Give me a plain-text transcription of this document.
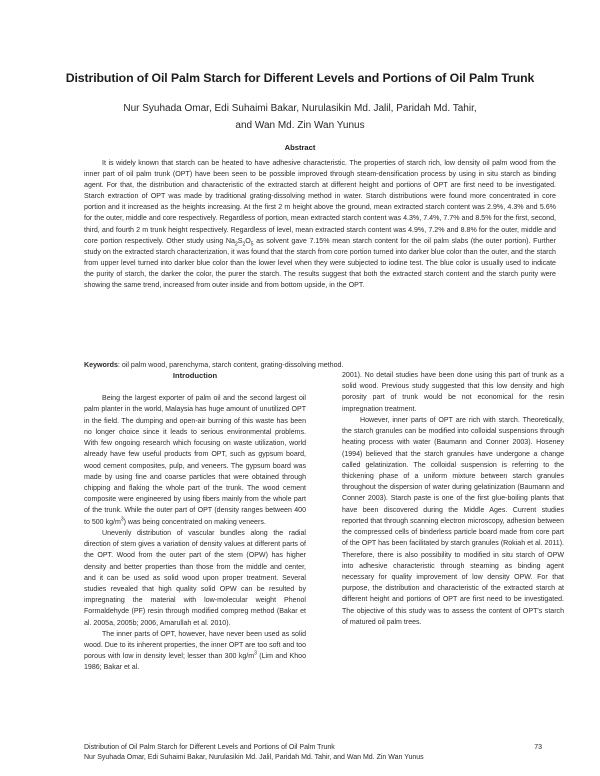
Distribution of Oil Palm Starch for Different Levels and Portions of Oil Palm Trunk
Nur Syuhada Omar, Edi Suhaimi Bakar, Nurulasikin Md. Jalil, Paridah Md. Tahir,
and Wan Md. Zin Wan Yunus
Abstract

It is widely known that starch can be heated to have adhesive characteristic. The properties of starch rich, low density oil palm wood from the inner part of oil palm trunk (OPT) have been seen to be possible improved through steam-densification process by using in situ starch as binding agent. For that, the distribution and characteristic of the extracted starch at different height and portions of OPT are first need to be investigated. Starch extraction of OPT was made by traditional grating-dissolving method in water. Starch distributions were found more concentrated in core portion and it increased as the heights increasing. At the first 2 m height above the ground, mean extracted starch content was 2.9%, 4.3% and 5.6% for the outer, middle and core respectively. Regardless of portion, mean extracted starch content was 4.3%, 7.4%, 7.7% and 8.5% for the first, second, third, and fourth 2 m trunk height respectively. Regardless of level, mean extracted starch content was 4.9%, 7.2% and 8.8% for the outer, middle and core portion respectively. Other study using $Na_2S_2O_5$ as solvent gave 7.15% mean starch content for the oil palm slabs (the outer portion). Further study on the extracted starch characterization, it was found that the starch from core portion turned into darker blue color than the outer, and the starch from upper level turned into darker blue color than the lower level when they were subjected to iodine test. The blue color is usually used to indicate the purity of starch, the darker the color, the purer the starch. The results suggest that both the extracted starch content and the starch purity were showing the same trend, increased from outer inside and from bottom upside, in the OPT.

Keywords: oil palm wood, parenchyma, starch content, grating-dissolving method.

Introduction

Being the largest exporter of palm oil and the second largest oil palm planter in the world, Malaysia has huge amount of unutilized OPT in the field. The dumping and open-air burning of this waste has been no longer choice since it leads to serious environmental problems. With few ongoing research which focusing on waste utilization, world already have few useful products from OPT, such as gypsum board, wood cement composites, pulp, and veneers. The gypsum board was made by using fine and coarse particles that were obtained through chipping and flaking the whole part of the trunk. The wood cement composite were engineered by using fibers mainly from the whole part of the trunk. While the outer part of OPT (density ranges between 400 to 500 $kg/m^3$) was being concentrated on making veneers.

Unevenly distribution of vascular bundles along the radial direction of stem gives a variation of density values at different parts of the OPT. Wood from the outer part of the stem (OPW) has higher density and better properties than those from the middle and center, and it can be used as solid wood upon proper treatment. Several studies revealed that high quality solid OPW can be resulted by impregnating the material with low-molecular weight Phenol Formaldehyde (PF) resin through modified compreg method (Bakar et al. 2005a, 2005b; 2006, Amarullah et al. 2010).

The inner parts of OPT, however, have never been used as solid wood. Due to its inherent properties, the inner OPT are too soft and too porous with low in density level; lesser than 300 $kg/m^3$ (Lim and Khoo 1986; Bakar et al.

2001). No detail studies have been done using this part of trunk as a solid wood. Previous study suggested that this low density and high porosity part of trunk would be not economical for the resin impregnation treatment.

However, inner parts of OPT are rich with starch. Theoretically, the starch granules can be modified into colloidal suspensions through heating process with water (Baumann and Conner 2003). Hoseney (1994) believed that the starch granules have undergone a change called gelatinization. The colloidal suspension is referring to the thickening phase of a uniform mixture between starch granules throughout the dispersion of water during gelatinization (Baumann and Conner 2003). Starch paste is one of the first glue-boiling plants that have been discovered during the Middle Ages. Current studies reported that through scanning electron microscopy, adhesion between the compressed cells of binderless particle board made from core part of the OPT has been facilitated by starch granules (Rokiah et al. 2011). Therefore, there is also possibility to modified in situ starch of OPW into adhesive characteristic through steaming as binding agent necessary for quality improvement of low density OPW. For that purpose, the distribution and characteristic of the extracted starch at different height and portions of OPT are first need to be investigated. The objective of this study was to assess the content of OPT's starch of matured oil palm trees.

Distribution of Oil Palm Starch for Different Levels and Portions of Oil Palm Trunk
Nur Syuhada Omar, Edi Suhaimi Bakar, Nurulasikin Md. Jalil, Paridah Md. Tahir, and Wan Md. Zin Wan Yunus
73
